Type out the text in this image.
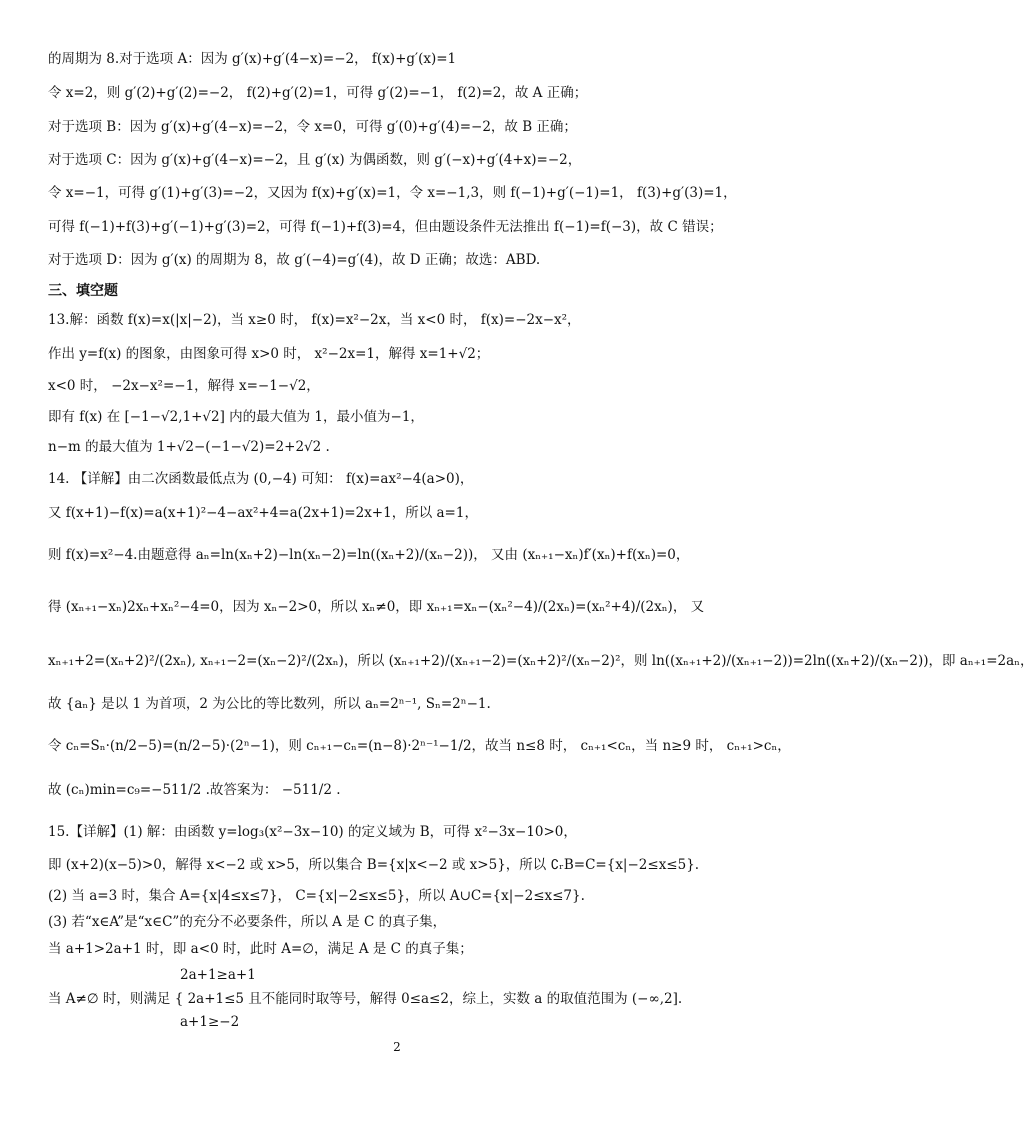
的周期为 8.对于选项 A：因为 g′(x)+g′(4−x)=−2， f(x)+g′(x)=1
令 x=2，则 g′(2)+g′(2)=−2， f(2)+g′(2)=1，可得 g′(2)=−1， f(2)=2，故 A 正确；
对于选项 B：因为 g′(x)+g′(4−x)=−2，令 x=0，可得 g′(0)+g′(4)=−2，故 B 正确；
对于选项 C：因为 g′(x)+g′(4−x)=−2，且 g′(x) 为偶函数，则 g′(−x)+g′(4+x)=−2，
令 x=−1，可得 g′(1)+g′(3)=−2，又因为 f(x)+g′(x)=1，令 x=−1,3，则 f(−1)+g′(−1)=1， f(3)+g′(3)=1，
可得 f(−1)+f(3)+g′(−1)+g′(3)=2，可得 f(−1)+f(3)=4，但由题设条件无法推出 f(−1)=f(−3)，故 C 错误；
对于选项 D：因为 g′(x) 的周期为 8，故 g′(−4)=g′(4)，故 D 正确；故选：ABD.
三、填空题
13.解：函数 f(x)=x(|x|−2)，当 x≥0 时， f(x)=x²−2x，当 x<0 时， f(x)=−2x−x²，
作出 y=f(x) 的图象，由图象可得 x>0 时， x²−2x=1，解得 x=1+√2；
x<0 时， −2x−x²=−1，解得 x=−1−√2，
即有 f(x) 在 [−1−√2,1+√2] 内的最大值为 1，最小值为−1，
n−m 的最大值为 1+√2−(−1−√2)=2+2√2 .
14. 【详解】由二次函数最低点为 (0,−4) 可知： f(x)=ax²−4(a>0)，
又 f(x+1)−f(x)=a(x+1)²−4−ax²+4=a(2x+1)=2x+1，所以 a=1，
则 f(x)=x²−4.由题意得 aₙ=ln(xₙ+2)−ln(xₙ−2)=ln((xₙ+2)/(xₙ−2))， 又由 (xₙ₊₁−xₙ)f′(xₙ)+f(xₙ)=0，
得 (xₙ₊₁−xₙ)2xₙ+xₙ²−4=0，因为 xₙ−2>0，所以 xₙ≠0，即 xₙ₊₁=xₙ−(xₙ²−4)/(2xₙ)=(xₙ²+4)/(2xₙ)， 又
xₙ₊₁+2=(xₙ+2)²/(2xₙ), xₙ₊₁−2=(xₙ−2)²/(2xₙ)，所以 (xₙ₊₁+2)/(xₙ₊₁−2)=(xₙ+2)²/(xₙ−2)²，则 ln((xₙ₊₁+2)/(xₙ₊₁−2))=2ln((xₙ+2)/(xₙ−2))，即 aₙ₊₁=2aₙ，
故 {aₙ} 是以 1 为首项，2 为公比的等比数列，所以 aₙ=2ⁿ⁻¹, Sₙ=2ⁿ−1.
令 cₙ=Sₙ·(n/2−5)=(n/2−5)·(2ⁿ−1)，则 cₙ₊₁−cₙ=(n−8)·2ⁿ⁻¹−1/2，故当 n≤8 时， cₙ₊₁<cₙ，当 n≥9 时， cₙ₊₁>cₙ，
故 (cₙ)min=c₉=−511/2 .故答案为： −511/2 .
15.【详解】(1) 解：由函数 y=log₃(x²−3x−10) 的定义域为 B，可得 x²−3x−10>0，
即 (x+2)(x−5)>0，解得 x<−2 或 x>5，所以集合 B={x|x<−2 或 x>5}，所以 ∁ᵣB=C={x|−2≤x≤5}.
(2) 当 a=3 时，集合 A={x|4≤x≤7}， C={x|−2≤x≤5}，所以 A∪C={x|−2≤x≤7}.
(3) 若“x∈A”是“x∈C”的充分不必要条件，所以 A 是 C 的真子集，
当 a+1>2a+1 时，即 a<0 时，此时 A=∅，满足 A 是 C 的真子集；
2a+1≥a+1
当 A≠∅ 时，则满足 { 2a+1≤5 且不能同时取等号，解得 0≤a≤2，综上，实数 a 的取值范围为 (−∞,2].
a+1≥−2
2
